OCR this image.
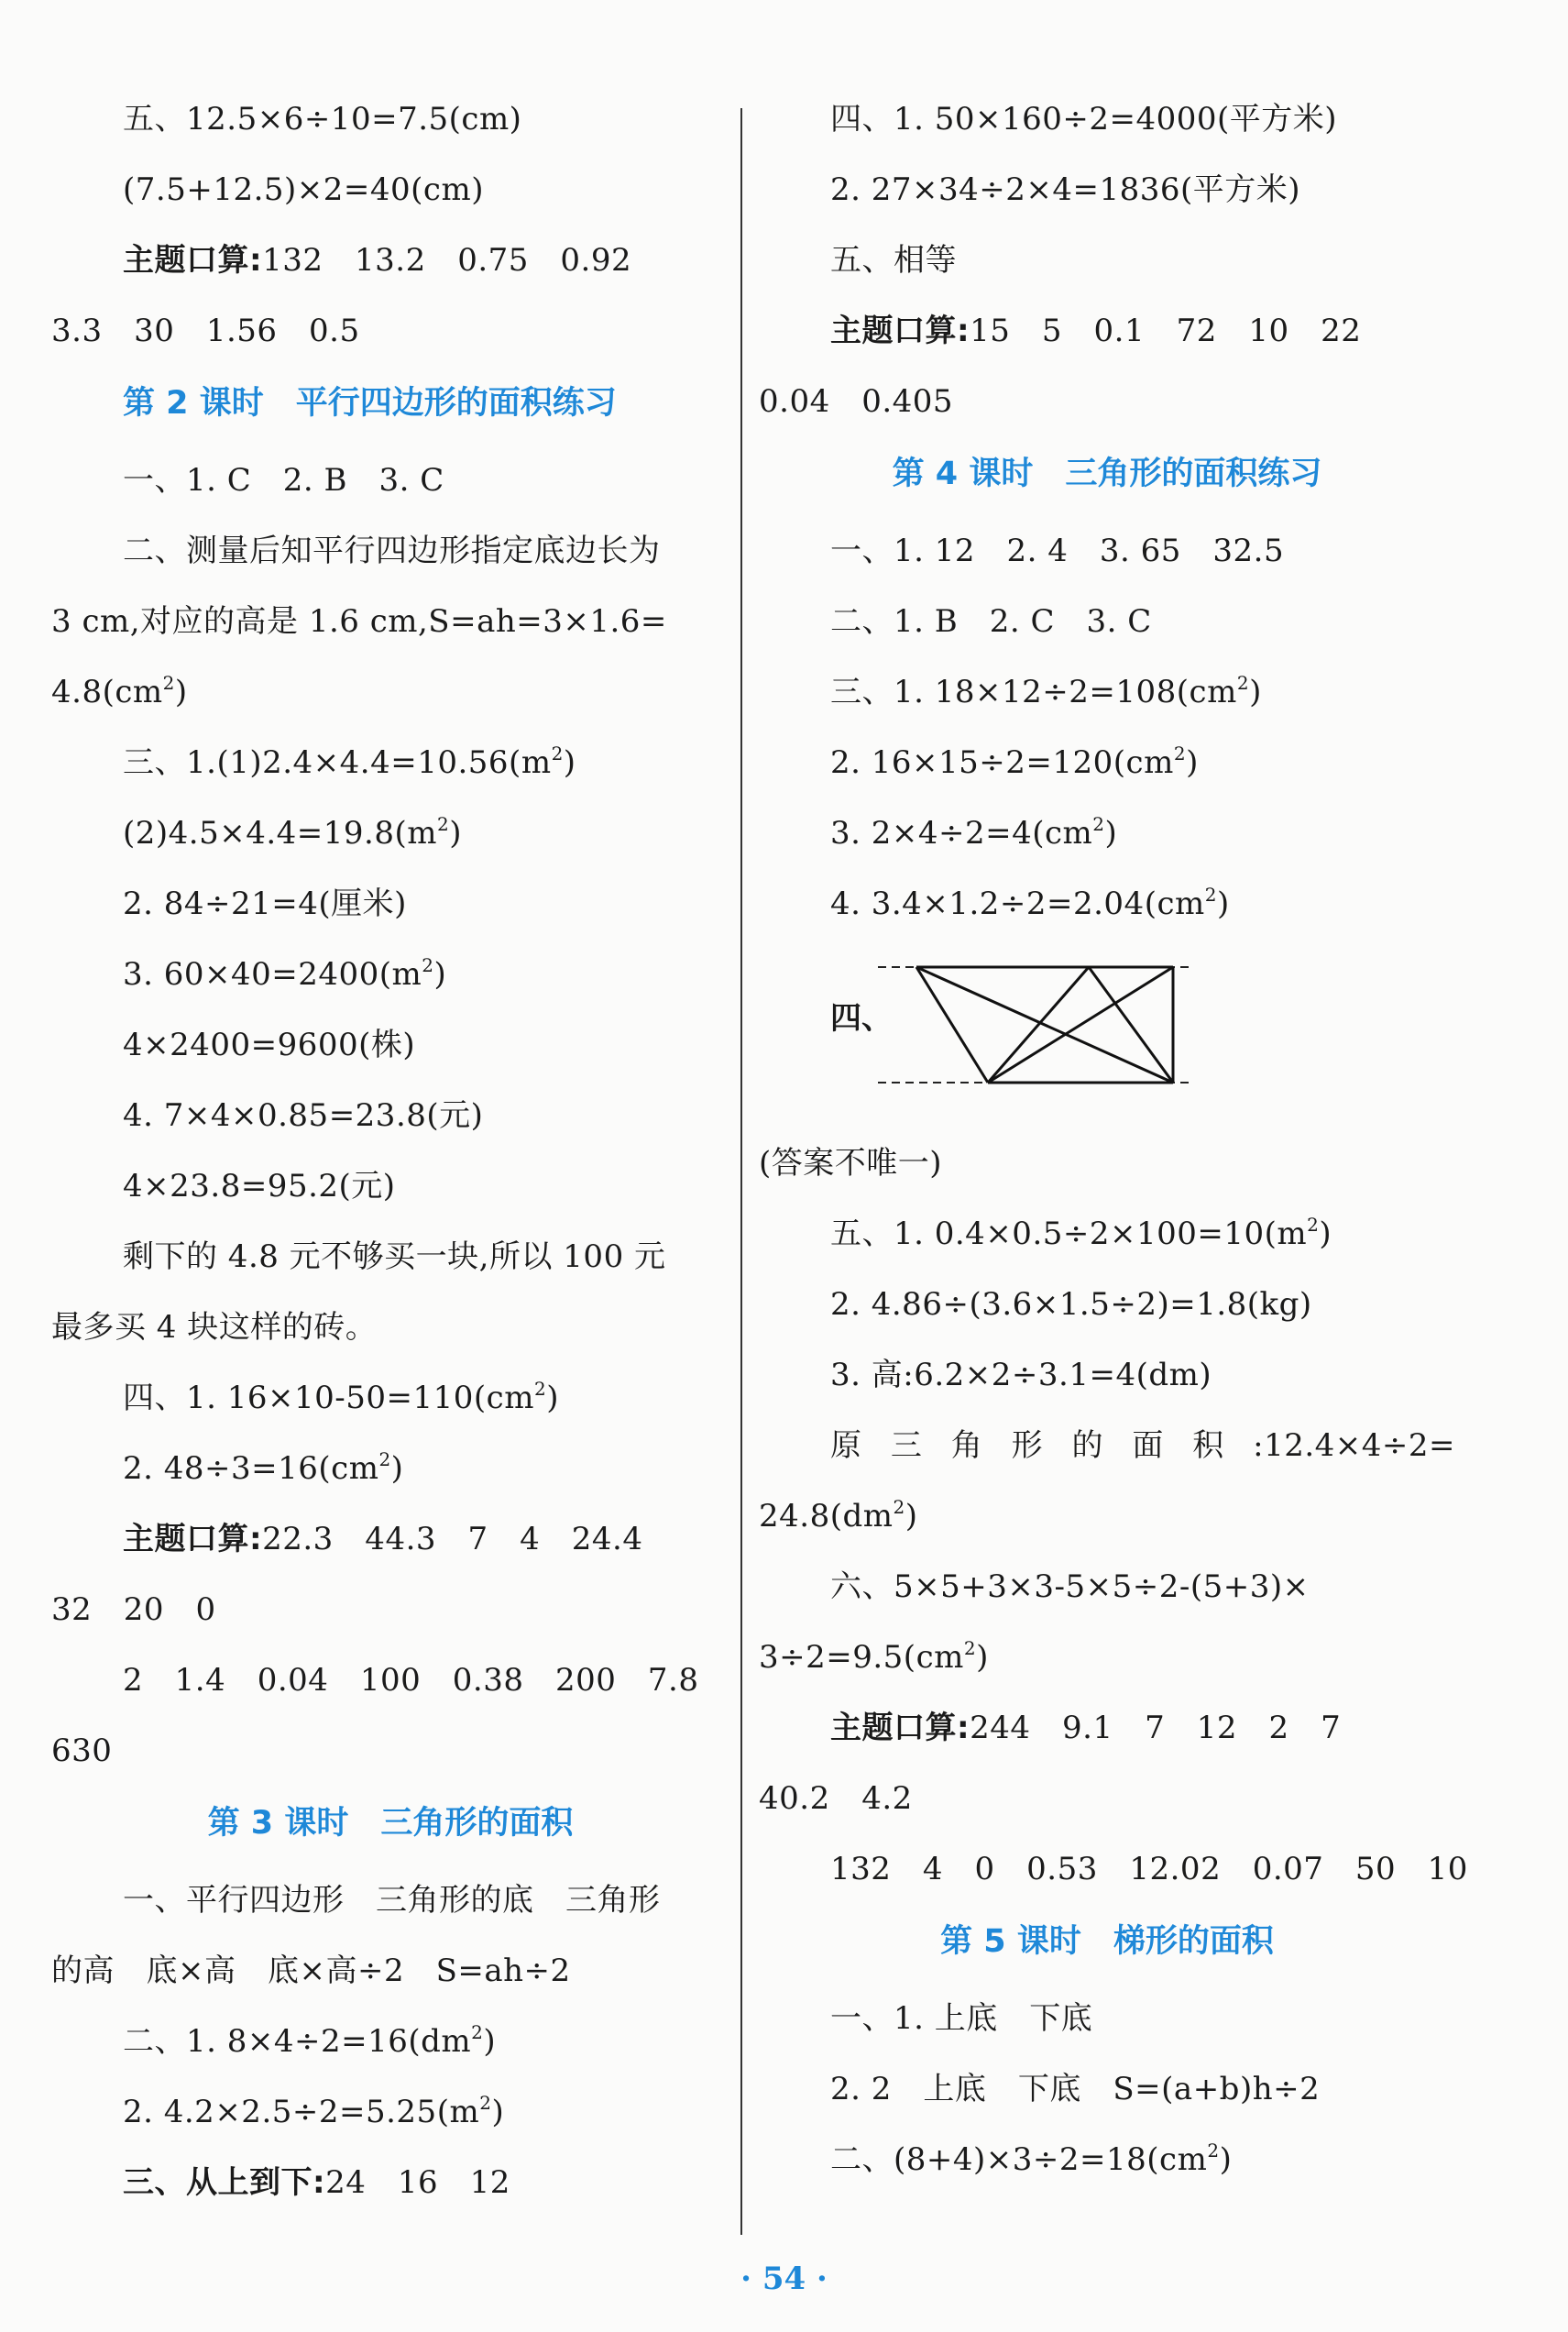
五、12.5×6÷10=7.5(cm)
(7.5+12.5)×2=40(cm)
主题口算:132　13.2　0.75　0.92
3.3　30　1.56　0.5
第 2 课时　平行四边形的面积练习
一、1. C　2. B　3. C
二、测量后知平行四边形指定底边长为
3 cm,对应的高是 1.6 cm,S=ah=3×1.6=
$4.8(cm^2)$
三、$1.(1)2.4\times 4.4=10.56(m^2)$
$(2)4.5\times 4.4=19.8(m^2)$
2. 84÷21=4(厘米)
3. $60\times 40=2400(m^2)$
4×2400=9600(株)
4. 7×4×0.85=23.8(元)
4×23.8=95.2(元)
剩下的 4.8 元不够买一块,所以 100 元
最多买 4 块这样的砖。
四、1. $16\times 10-50=110(cm^2)$
2. $48\div 3=16(cm^2)$
主题口算:22.3　44.3　7　4　24.4
32　20　0
2　1.4　0.04　100　0.38　200　7.8
630
第 3 课时　三角形的面积
一、平行四边形　三角形的底　三角形
的高　底×高　底×高÷2　S=ah÷2
二、1. $8\times 4\div 2=16(dm^2)$
2. $4.2\times 2.5\div 2=5.25(m^2)$
三、从上到下:24　16　12
四、1. 50×160÷2=4000(平方米)
2. 27×34÷2×4=1836(平方米)
五、相等
主题口算:15　5　0.1　72　10　22
0.04　0.405
第 4 课时　三角形的面积练习
一、1. 12　2. 4　3. 65　32.5
二、1. B　2. C　3. C
三、1. $18\times 12\div 2=108(cm^2)$
2. $16\times 15\div 2=120(cm^2)$
3. $2\times 4\div 2=4(cm^2)$
4. $3.4\times 1.2\div 2=2.04(cm^2)$
四、
(答案不唯一)
五、1. $0.4\times 0.5\div 2\times 100=10(m^2)$
2. 4.86÷(3.6×1.5÷2)=1.8(kg)
3. 高:6.2×2÷3.1=4(dm)
原三角形的面积:12.4×4÷2=
$24.8(dm^2)$
六、5×5+3×3-5×5÷2-(5+3)×
$3\div 2=9.5(cm^2)$
主题口算:244　9.1　7　12　2　7
40.2　4.2
132　4　0　0.53　12.02　0.07　50　10
第 5 课时　梯形的面积
一、1. 上底　下底
2. 2　上底　下底　S=(a+b)h÷2
二、$(8+4)\times 3\div 2=18(cm^2)$
· 54 ·
